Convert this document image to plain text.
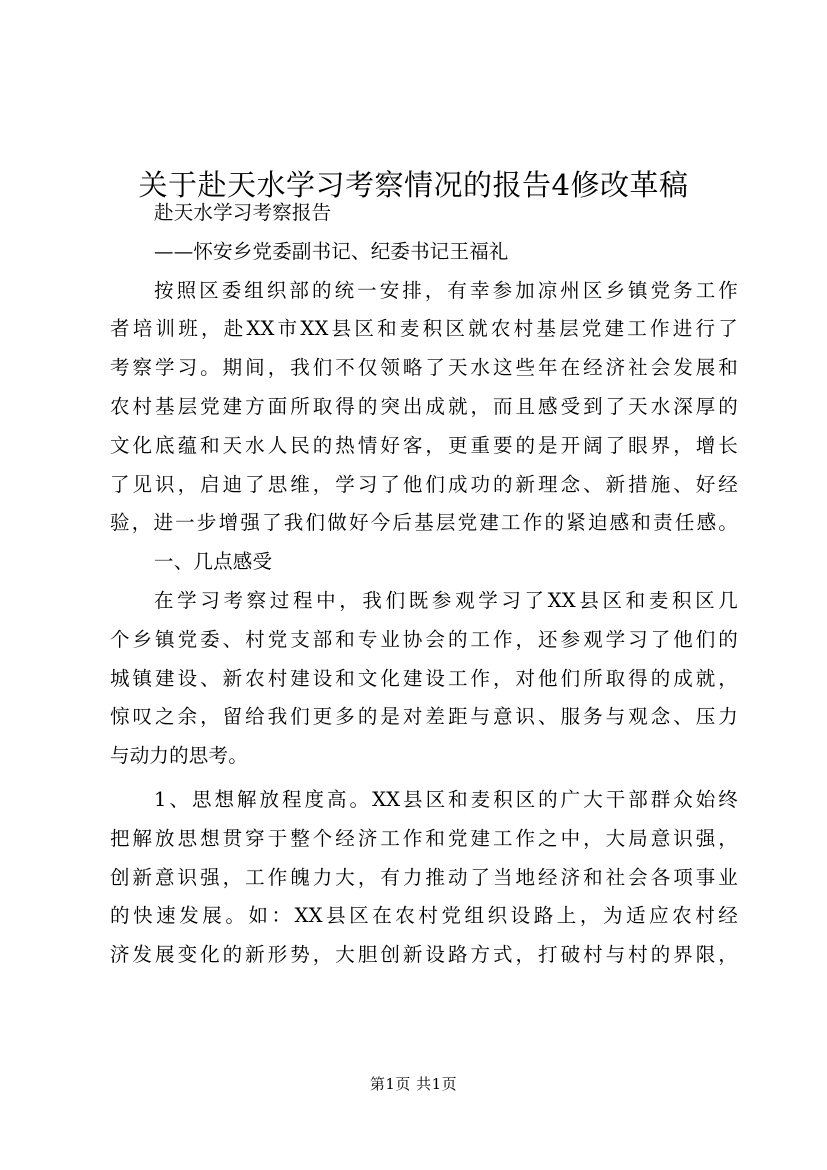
关于赴天水学习考察情况的报告4修改革稿
赴天水学习考察报告
——怀安乡党委副书记、纪委书记王福礼
按照区委组织部的统一安排，有幸参加凉州区乡镇党务工作
者培训班，赴XX市XX县区和麦积区就农村基层党建工作进行了
考察学习。期间，我们不仅领略了天水这些年在经济社会发展和
农村基层党建方面所取得的突出成就，而且感受到了天水深厚的
文化底蕴和天水人民的热情好客，更重要的是开阔了眼界，增长
了见识，启迪了思维，学习了他们成功的新理念、新措施、好经
验，进一步增强了我们做好今后基层党建工作的紧迫感和责任感。
一、几点感受
在学习考察过程中，我们既参观学习了XX县区和麦积区几
个乡镇党委、村党支部和专业协会的工作，还参观学习了他们的
城镇建设、新农村建设和文化建设工作，对他们所取得的成就，
惊叹之余，留给我们更多的是对差距与意识、服务与观念、压力
与动力的思考。
1、思想解放程度高。XX县区和麦积区的广大干部群众始终
把解放思想贯穿于整个经济工作和党建工作之中，大局意识强，
创新意识强，工作魄力大，有力推动了当地经济和社会各项事业
的快速发展。如：XX县区在农村党组织设路上，为适应农村经
济发展变化的新形势，大胆创新设路方式，打破村与村的界限，
第1页 共1页
